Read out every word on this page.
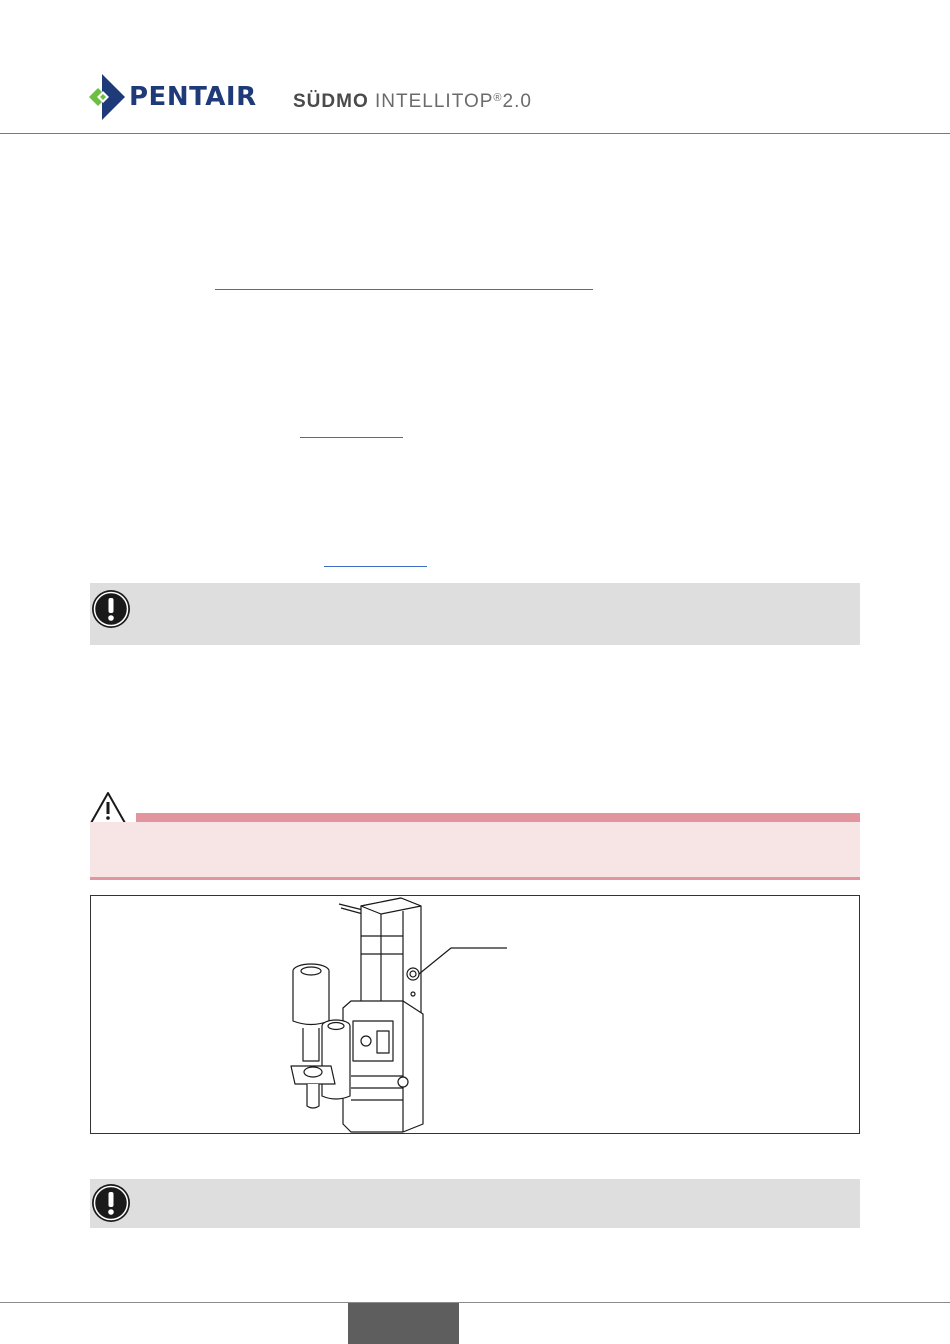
PENTAIR SÜDMO INTELLITOP®2.0
